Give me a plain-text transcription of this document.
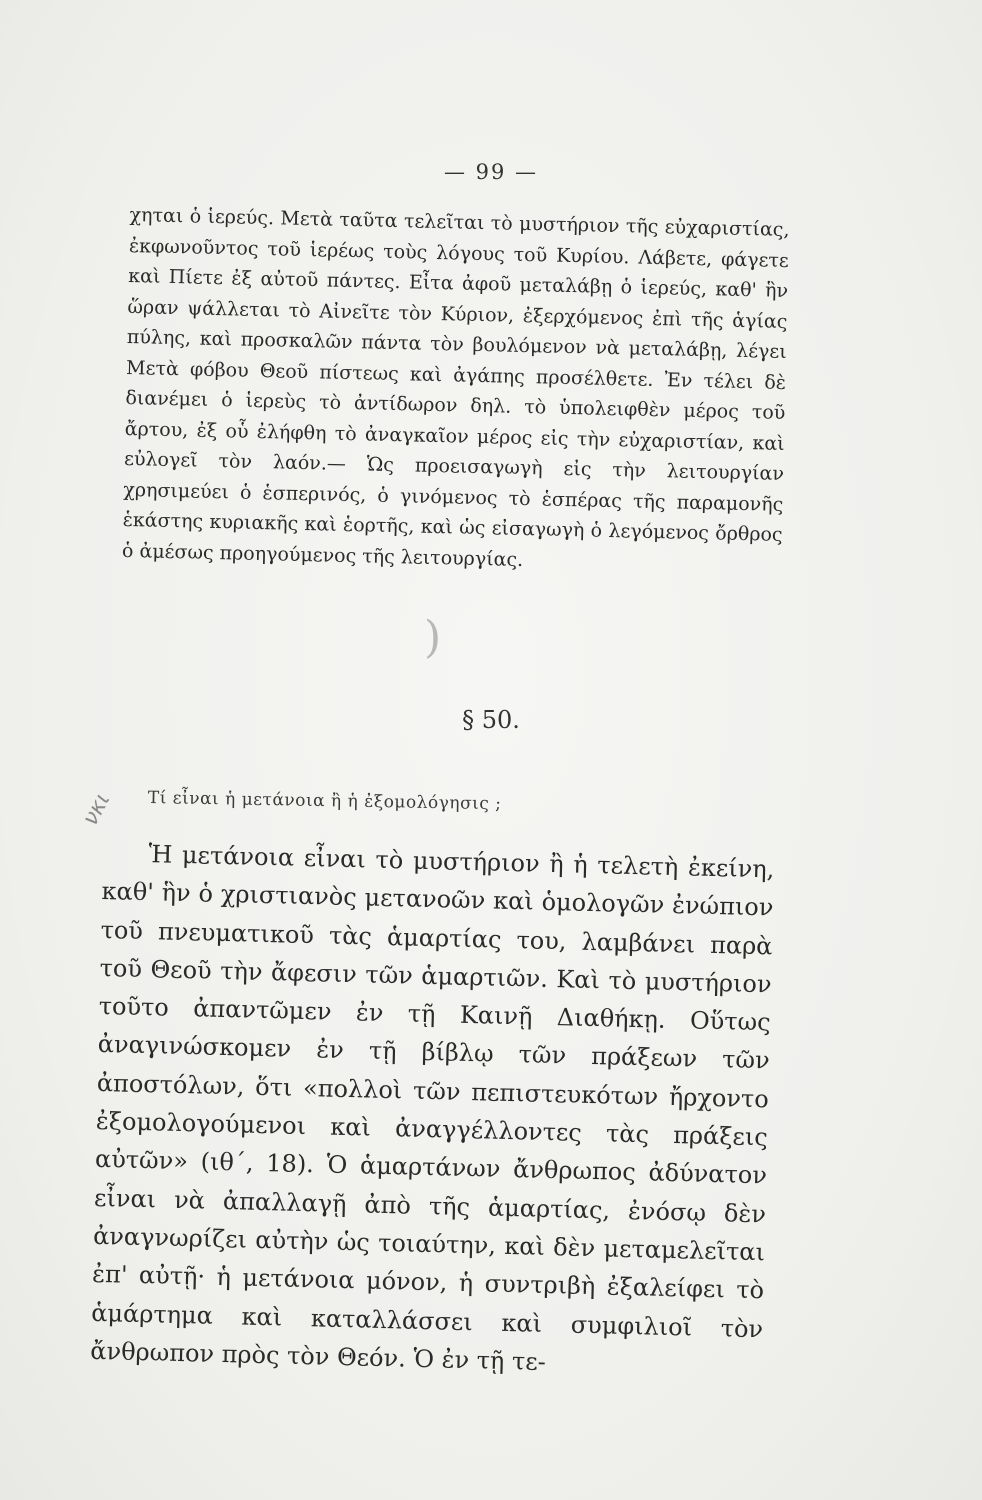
— 99 —

χηται ὁ ἱερεύς. Μετὰ ταῦτα τελεῖται τὸ μυστήριον τῆς εὐχαριστίας, ἐκφωνοῦντος τοῦ ἱερέως τοὺς λόγους τοῦ Κυρίου. Λάβετε, φάγετε καὶ Πίετε ἐξ αὐτοῦ πάντες. Εἶτα ἀφοῦ μεταλάβῃ ὁ ἱερεύς, καθ' ἣν ὥραν ψάλλεται τὸ Αἰνεῖτε τὸν Κύριον, ἐξερχόμενος ἐπὶ τῆς ἁγίας πύλης, καὶ προσκαλῶν πάντα τὸν βουλόμενον νὰ μεταλάβῃ, λέγει Μετὰ φόβου Θεοῦ πίστεως καὶ ἀγάπης προσέλθετε. Ἐν τέλει δὲ διανέμει ὁ ἱερεὺς τὸ ἀντίδωρον δηλ. τὸ ὑπολειφθὲν μέρος τοῦ ἄρτου, ἐξ οὗ ἐλήφθη τὸ ἀναγκαῖον μέρος εἰς τὴν εὐχαριστίαν, καὶ εὐλογεῖ τὸν λαόν.— Ὡς προεισαγωγὴ εἰς τὴν λειτουργίαν χρησιμεύει ὁ ἑσπερινός, ὁ γινόμενος τὸ ἑσπέρας τῆς παραμονῆς ἑκάστης κυριακῆς καὶ ἑορτῆς, καὶ ὡς εἰσαγωγὴ ὁ λεγόμενος ὄρθρος ὁ ἀμέσως προηγούμενος τῆς λειτουργίας.

)
§ 50.
Τί εἶναι ἡ μετάνοια ἢ ἡ ἐξομολόγησις ;
νκι

Ἡ μετάνοια εἶναι τὸ μυστήριον ἢ ἡ τελετὴ ἐκείνη, καθ' ἣν ὁ χριστιανὸς μετανοῶν καὶ ὁμολογῶν ἐνώπιον τοῦ πνευματικοῦ τὰς ἁμαρτίας του, λαμβάνει παρὰ τοῦ Θεοῦ τὴν ἄφεσιν τῶν ἁμαρτιῶν. Καὶ τὸ μυστήριον τοῦτο ἀπαντῶμεν ἐν τῇ Καινῇ Διαθήκῃ. Οὕτως ἀναγινώσκομεν ἐν τῇ βίβλῳ τῶν πράξεων τῶν ἀποστόλων, ὅτι «πολλοὶ τῶν πεπιστευκότων ἤρχοντο ἐξομολογούμενοι καὶ ἀναγγέλλοντες τὰς πράξεις αὐτῶν» (ιθ΄, 18). Ὁ ἁμαρτάνων ἄνθρωπος ἀδύνατον εἶναι νὰ ἀπαλλαγῇ ἀπὸ τῆς ἁμαρτίας, ἐνόσῳ δὲν ἀναγνωρίζει αὐτὴν ὡς τοιαύτην, καὶ δὲν μεταμελεῖται ἐπ' αὐτῇ· ἡ μετάνοια μόνον, ἡ συντριβὴ ἐξαλείφει τὸ ἁμάρτημα καὶ καταλλάσσει καὶ συμφιλιοῖ τὸν ἄνθρωπον πρὸς τὸν Θεόν. Ὁ ἐν τῇ τε-
